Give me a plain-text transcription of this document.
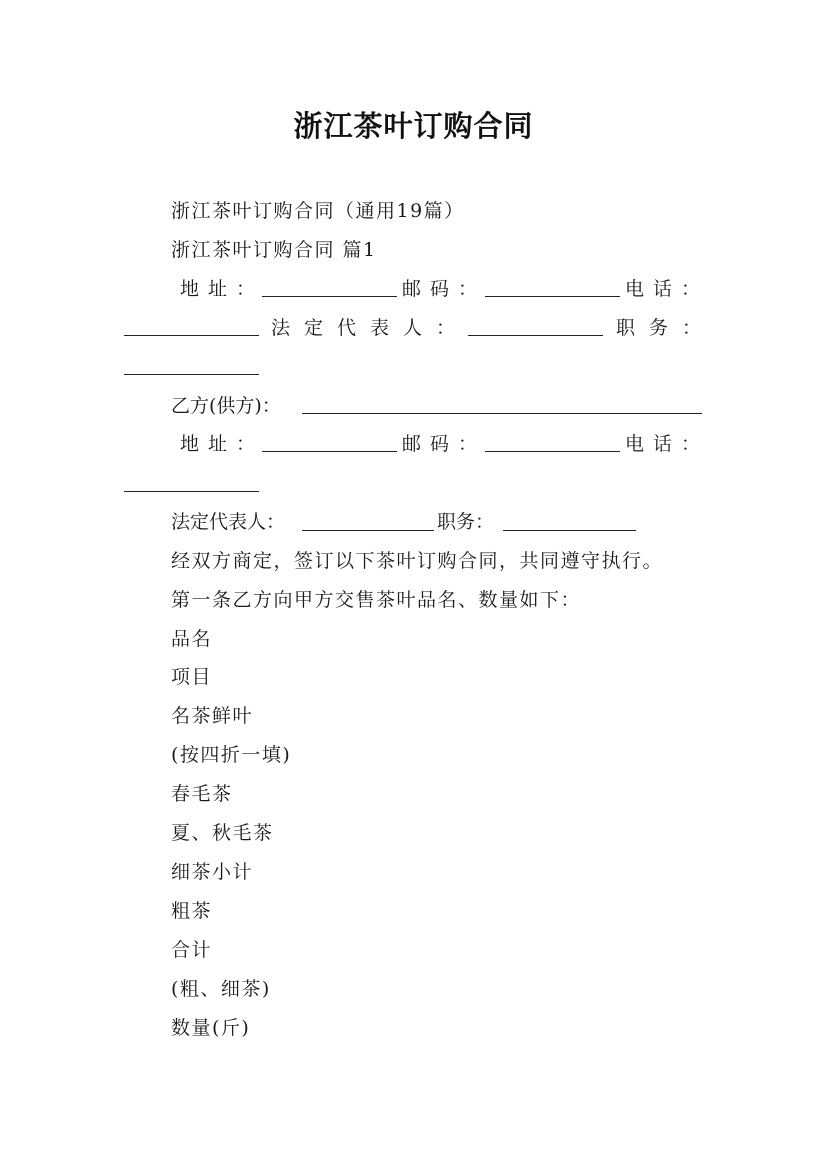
浙江茶叶订购合同
浙江茶叶订购合同（通用19篇）
浙江茶叶订购合同 篇1
地址：	邮码：	电话：
法定代表人：	职务：
乙方(供方)：
地址：	邮码：	电话：
法定代表人：	职务：
经双方商定，签订以下茶叶订购合同，共同遵守执行。
第一条乙方向甲方交售茶叶品名、数量如下：
品名
项目
名茶鲜叶
(按四折一填)
春毛茶
夏、秋毛茶
细茶小计
粗茶
合计
(粗、细茶)
数量(斤)
